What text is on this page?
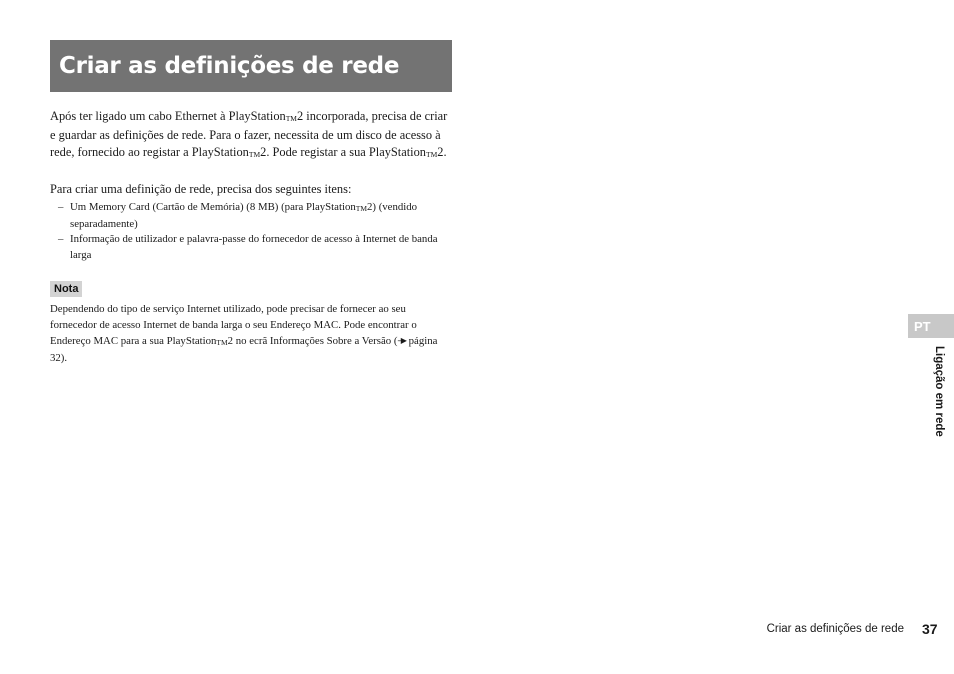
Criar as definições de rede

Após ter ligado um cabo Ethernet à PlayStationTM2 incorporada, precisa de criar e guardar as definições de rede. Para o fazer, necessita de um disco de acesso à rede, fornecido ao registar a PlayStationTM2. Pode registar a sua PlayStationTM2.

Para criar uma definição de rede, precisa dos seguintes itens:

– Um Memory Card (Cartão de Memória) (8 MB) (para PlayStationTM2) (vendido separadamente)
– Informação de utilizador e palavra-passe do fornecedor de acesso à Internet de banda larga
Nota

Dependendo do tipo de serviço Internet utilizado, pode precisar de fornecer ao seu fornecedor de acesso Internet de banda larga o seu Endereço MAC. Pode encontrar o Endereço MAC para a sua PlayStationTM2 no ecrã Informações Sobre a Versão (--▶ página 32).

PT
Ligação em rede
Criar as definições de rede 37
